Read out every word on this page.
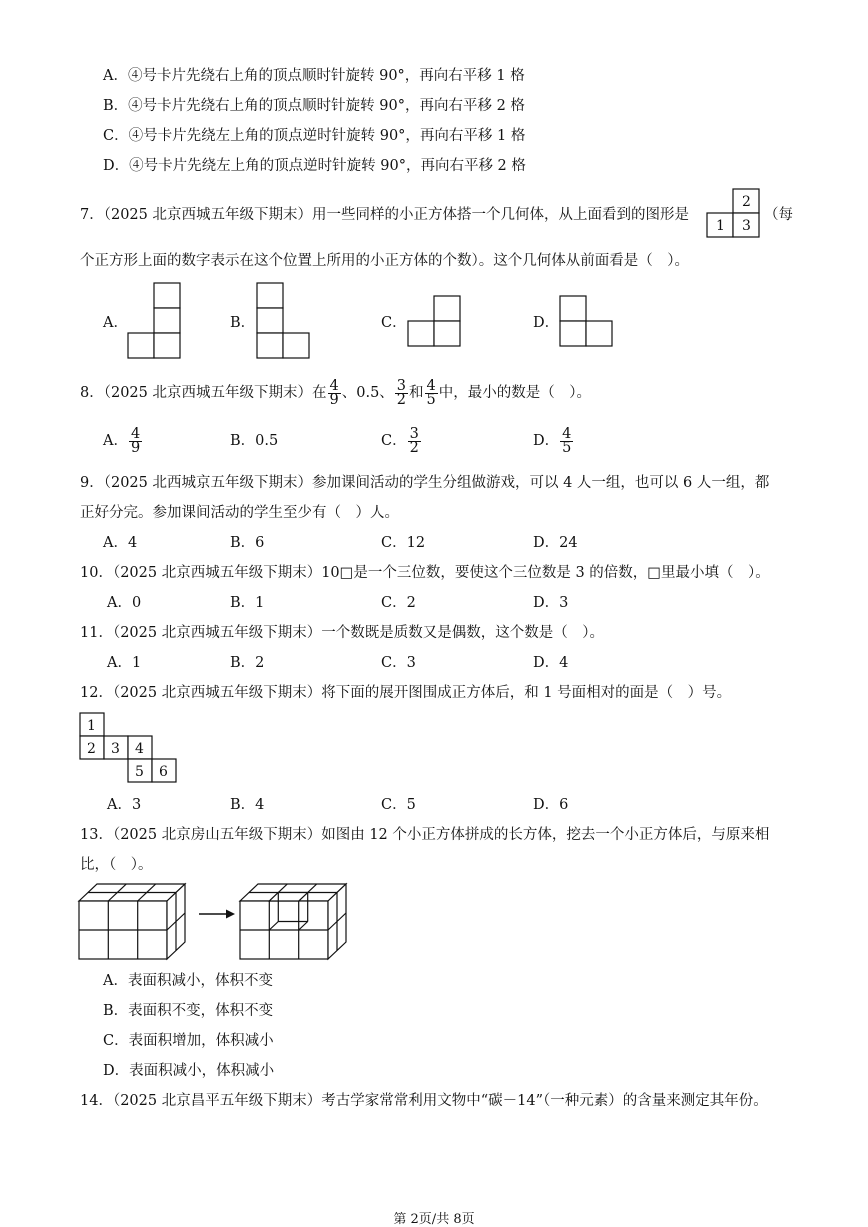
A．④号卡片先绕右上角的顶点顺时针旋转 90°，再向右平移 1 格
B．④号卡片先绕右上角的顶点顺时针旋转 90°，再向右平移 2 格
C．④号卡片先绕左上角的顶点逆时针旋转 90°，再向右平移 1 格
D．④号卡片先绕左上角的顶点逆时针旋转 90°，再向右平移 2 格
7．（2025 北京西城五年级下期末）用一些同样的小正方体搭一个几何体，从上面看到的图形是
2
1 3
（每
个正方形上面的数字表示在这个位置上所用的小正方体的个数）。这个几何体从前面看是（　）。
A．	B．	C．	D．
8．（2025 北京西城五年级下期末）在 $\frac{4}{9}$ 、0.5、 $\frac{3}{2}$ 和 $\frac{4}{5}$ 中，最小的数是（　）。
A． $\frac{4}{9}$	B．0.5	C． $\frac{3}{2}$	D． $\frac{4}{5}$
9．（2025 北西城京五年级下期末）参加课间活动的学生分组做游戏，可以 4 人一组，也可以 6 人一组，都
正好分完。参加课间活动的学生至少有（　）人。
A．4	B．6	C．12	D．24
10．（2025 北京西城五年级下期末）10□是一个三位数，要使这个三位数是 3 的倍数，□里最小填（　）。
A．0	B．1	C．2	D．3
11．（2025 北京西城五年级下期末）一个数既是质数又是偶数，这个数是（　）。
A．1	B．2	C．3	D．4
12．（2025 北京西城五年级下期末）将下面的展开图围成正方体后，和 1 号面相对的面是（　）号。
1
2 3 4
5 6
A．3	B．4	C．5	D．6
13．（2025 北京房山五年级下期末）如图由 12 个小正方体拼成的长方体，挖去一个小正方体后，与原来相
比，（　）。
A．表面积减小，体积不变
B．表面积不变，体积不变
C．表面积增加，体积减小
D．表面积减小，体积减小
14．（2025 北京昌平五年级下期末）考古学家常常利用文物中“碳－14”（一种元素）的含量来测定其年份。
第 2页/共 8页
